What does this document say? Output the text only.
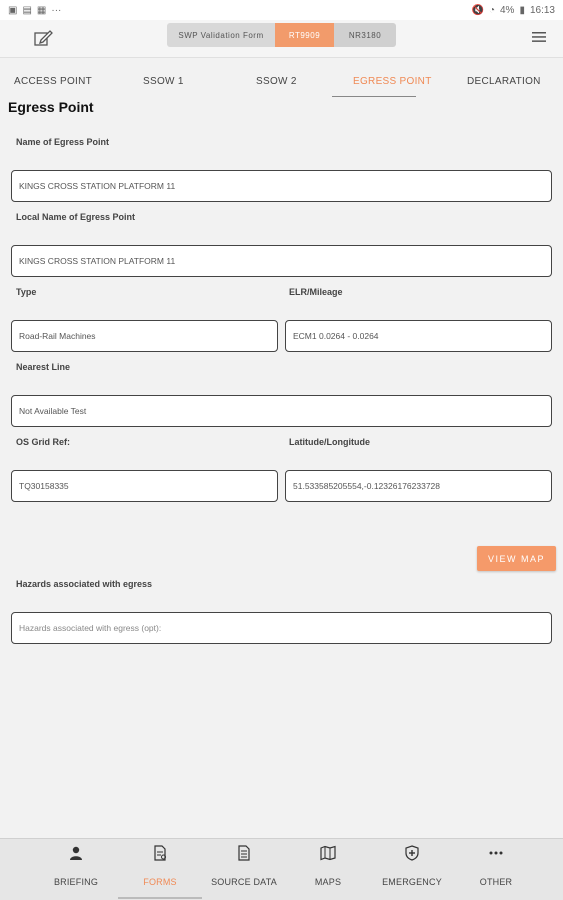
▣ ▤ ▦ ···	🔇 ◔ 4% ▮ 16:13
SWP Validation Form	RT9909	NR3180
ACCESS POINT	SSOW 1	SSOW 2	EGRESS POINT	DECLARATION
Egress Point
Name of Egress Point
KINGS CROSS STATION PLATFORM 11
Local Name of Egress Point
KINGS CROSS STATION PLATFORM 11
Type
Road-Rail Machines
ELR/Mileage
ECM1 0.0264 - 0.0264
Nearest Line
Not Available Test
OS Grid Ref:
TQ30158335
Latitude/Longitude
51.533585205554,-0.12326176233728
VIEW MAP
Hazards associated with egress
Hazards associated with egress (opt):
BRIEFING	FORMS	SOURCE DATA	MAPS	EMERGENCY	OTHER
